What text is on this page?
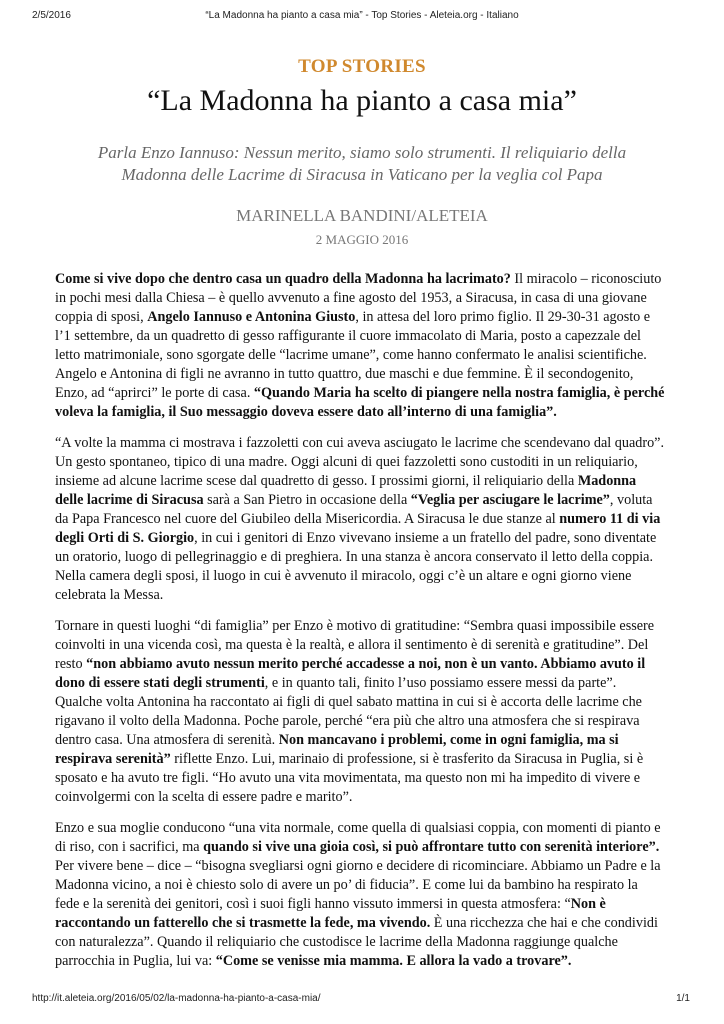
2/5/2016	“La Madonna ha pianto a casa mia” - Top Stories - Aleteia.org - Italiano
TOP STORIES
“La Madonna ha pianto a casa mia”
Parla Enzo Iannuso: Nessun merito, siamo solo strumenti. Il reliquiario della Madonna delle Lacrime di Siracusa in Vaticano per la veglia col Papa
MARINELLA BANDINI/ALETEIA
2 MAGGIO 2016

Come si vive dopo che dentro casa un quadro della Madonna ha lacrimato? Il miracolo – riconosciuto in pochi mesi dalla Chiesa – è quello avvenuto a fine agosto del 1953, a Siracusa, in casa di una giovane coppia di sposi, Angelo Iannuso e Antonina Giusto, in attesa del loro primo figlio. Il 29-30-31 agosto e l’1 settembre, da un quadretto di gesso raffigurante il cuore immacolato di Maria, posto a capezzale del letto matrimoniale, sono sgorgate delle “lacrime umane”, come hanno confermato le analisi scientifiche. Angelo e Antonina di figli ne avranno in tutto quattro, due maschi e due femmine. È il secondogenito, Enzo, ad “aprirci” le porte di casa. “Quando Maria ha scelto di piangere nella nostra famiglia, è perché voleva la famiglia, il Suo messaggio doveva essere dato all’interno di una famiglia”.

“A volte la mamma ci mostrava i fazzoletti con cui aveva asciugato le lacrime che scendevano dal quadro”. Un gesto spontaneo, tipico di una madre. Oggi alcuni di quei fazzoletti sono custoditi in un reliquiario, insieme ad alcune lacrime scese dal quadretto di gesso. I prossimi giorni, il reliquiario della Madonna delle lacrime di Siracusa sarà a San Pietro in occasione della “Veglia per asciugare le lacrime”, voluta da Papa Francesco nel cuore del Giubileo della Misericordia. A Siracusa le due stanze al numero 11 di via degli Orti di S. Giorgio, in cui i genitori di Enzo vivevano insieme a un fratello del padre, sono diventate un oratorio, luogo di pellegrinaggio e di preghiera. In una stanza è ancora conservato il letto della coppia. Nella camera degli sposi, il luogo in cui è avvenuto il miracolo, oggi c’è un altare e ogni giorno viene celebrata la Messa.

Tornare in questi luoghi “di famiglia” per Enzo è motivo di gratitudine: “Sembra quasi impossibile essere coinvolti in una vicenda così, ma questa è la realtà, e allora il sentimento è di serenità e gratitudine”. Del resto “non abbiamo avuto nessun merito perché accadesse a noi, non è un vanto. Abbiamo avuto il dono di essere stati degli strumenti, e in quanto tali, finito l’uso possiamo essere messi da parte”. Qualche volta Antonina ha raccontato ai figli di quel sabato mattina in cui si è accorta delle lacrime che rigavano il volto della Madonna. Poche parole, perché “era più che altro una atmosfera che si respirava dentro casa. Una atmosfera di serenità. Non mancavano i problemi, come in ogni famiglia, ma si respirava serenità” riflette Enzo. Lui, marinaio di professione, si è trasferito da Siracusa in Puglia, si è sposato e ha avuto tre figli. “Ho avuto una vita movimentata, ma questo non mi ha impedito di vivere e coinvolgermi con la scelta di essere padre e marito”.

Enzo e sua moglie conducono “una vita normale, come quella di qualsiasi coppia, con momenti di pianto e di riso, con i sacrifici, ma quando si vive una gioia così, si può affrontare tutto con serenità interiore”. Per vivere bene – dice – “bisogna svegliarsi ogni giorno e decidere di ricominciare. Abbiamo un Padre e la Madonna vicino, a noi è chiesto solo di avere un po’ di fiducia”. E come lui da bambino ha respirato la fede e la serenità dei genitori, così i suoi figli hanno vissuto immersi in questa atmosfera: “Non è raccontando un fatterello che si trasmette la fede, ma vivendo. È una ricchezza che hai e che condividi con naturalezza”. Quando il reliquiario che custodisce le lacrime della Madonna raggiunge qualche parrocchia in Puglia, lui va: “Come se venisse mia mamma. E allora la vado a trovare”.

http://it.aleteia.org/2016/05/02/la-madonna-ha-pianto-a-casa-mia/	1/1
